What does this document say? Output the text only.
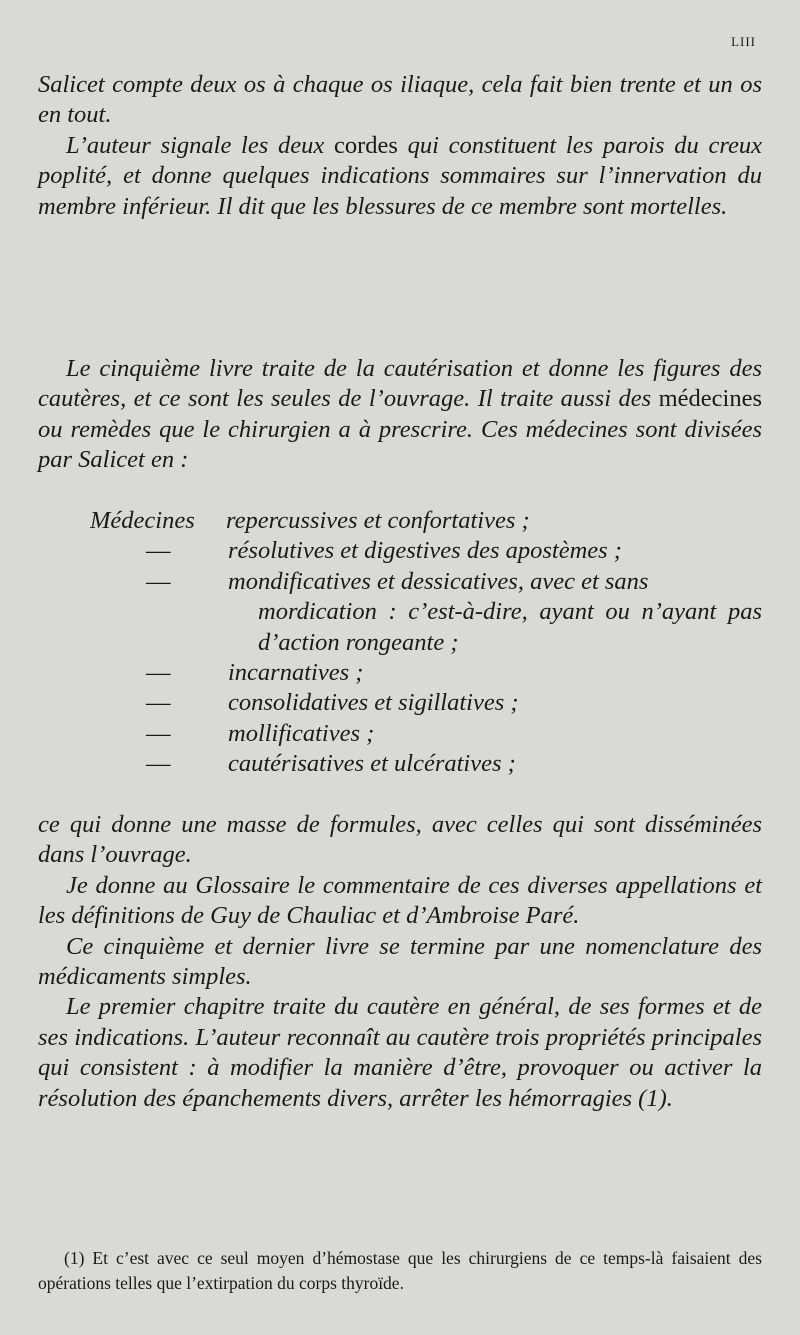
LIII

Salicet compte deux os à chaque os iliaque, cela fait bien trente et un os en tout.

L’auteur signale les deux cordes qui constituent les parois du creux poplité, et donne quelques indications sommaires sur l’innervation du membre inférieur. Il dit que les blessures de ce membre sont mortelles.

Le cinquième livre traite de la cautérisation et donne les figures des cautères, et ce sont les seules de l’ouvrage. Il traite aussi des médecines ou remèdes que le chirurgien a à prescrire. Ces médecines sont divisées par Salicet en :

Médecines repercussives et confortatives ;
— résolutives et digestives des apostèmes ;
— mondificatives et dessicatives, avec et sans
mordication : c’est-à-dire, ayant ou n’ayant pas d’action rongeante ;
— incarnatives ;
— consolidatives et sigillatives ;
— mollificatives ;
— cautérisatives et ulcératives ;

ce qui donne une masse de formules, avec celles qui sont disséminées dans l’ouvrage.

Je donne au Glossaire le commentaire de ces diverses appellations et les définitions de Guy de Chauliac et d’Ambroise Paré.

Ce cinquième et dernier livre se termine par une nomenclature des médicaments simples.

Le premier chapitre traite du cautère en général, de ses formes et de ses indications. L’auteur reconnaît au cautère trois propriétés principales qui consistent : à modifier la manière d’être, provoquer ou activer la résolution des épanchements divers, arrêter les hémorragies (1).

(1) Et c’est avec ce seul moyen d’hémostase que les chirurgiens de ce temps-là faisaient des opérations telles que l’extirpation du corps thyroïde.
